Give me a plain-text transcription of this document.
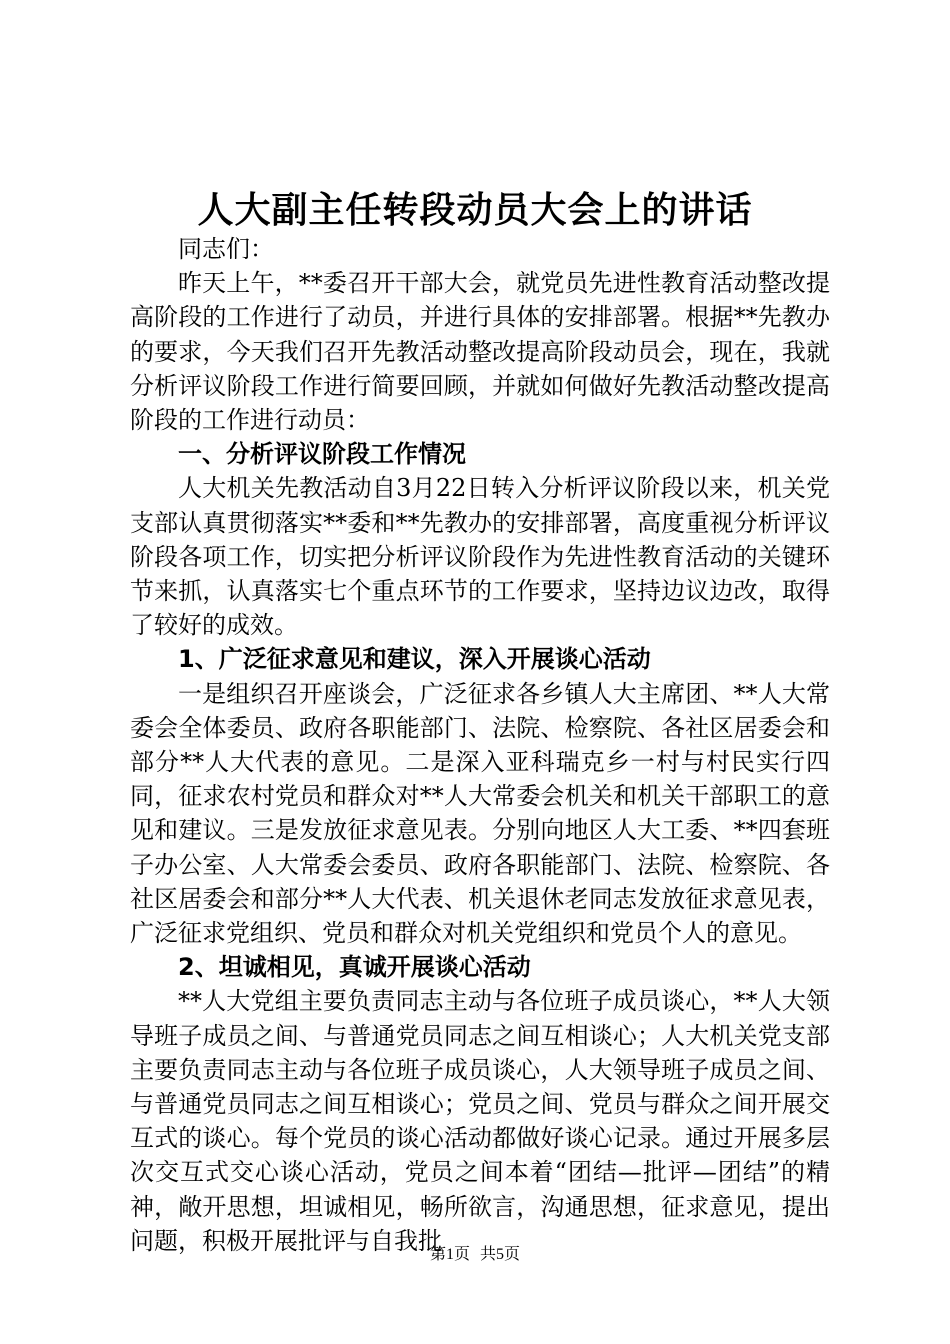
人大副主任转段动员大会上的讲话

同志们：

昨天上午，**委召开干部大会，就党员先进性教育活动整改提高阶段的工作进行了动员，并进行具体的安排部署。根据**先教办的要求，今天我们召开先教活动整改提高阶段动员会，现在，我就分析评议阶段工作进行简要回顾，并就如何做好先教活动整改提高阶段的工作进行动员：

一、分析评议阶段工作情况

人大机关先教活动自3月22日转入分析评议阶段以来，机关党支部认真贯彻落实**委和**先教办的安排部署，高度重视分析评议阶段各项工作，切实把分析评议阶段作为先进性教育活动的关键环节来抓，认真落实七个重点环节的工作要求，坚持边议边改，取得了较好的成效。

1、广泛征求意见和建议，深入开展谈心活动

一是组织召开座谈会，广泛征求各乡镇人大主席团、**人大常委会全体委员、政府各职能部门、法院、检察院、各社区居委会和部分**人大代表的意见。二是深入亚科瑞克乡一村与村民实行四同，征求农村党员和群众对**人大常委会机关和机关干部职工的意见和建议。三是发放征求意见表。分别向地区人大工委、**四套班子办公室、人大常委会委员、政府各职能部门、法院、检察院、各社区居委会和部分**人大代表、机关退休老同志发放征求意见表，广泛征求党组织、党员和群众对机关党组织和党员个人的意见。

2、坦诚相见，真诚开展谈心活动

**人大党组主要负责同志主动与各位班子成员谈心，**人大领导班子成员之间、与普通党员同志之间互相谈心；人大机关党支部主要负责同志主动与各位班子成员谈心，人大领导班子成员之间、与普通党员同志之间互相谈心；党员之间、党员与群众之间开展交互式的谈心。每个党员的谈心活动都做好谈心记录。通过开展多层次交互式交心谈心活动，党员之间本着“团结—批评—团结”的精神，敞开思想，坦诚相见，畅所欲言，沟通思想，征求意见，提出问题，积极开展批评与自我批

第1页 共5页
